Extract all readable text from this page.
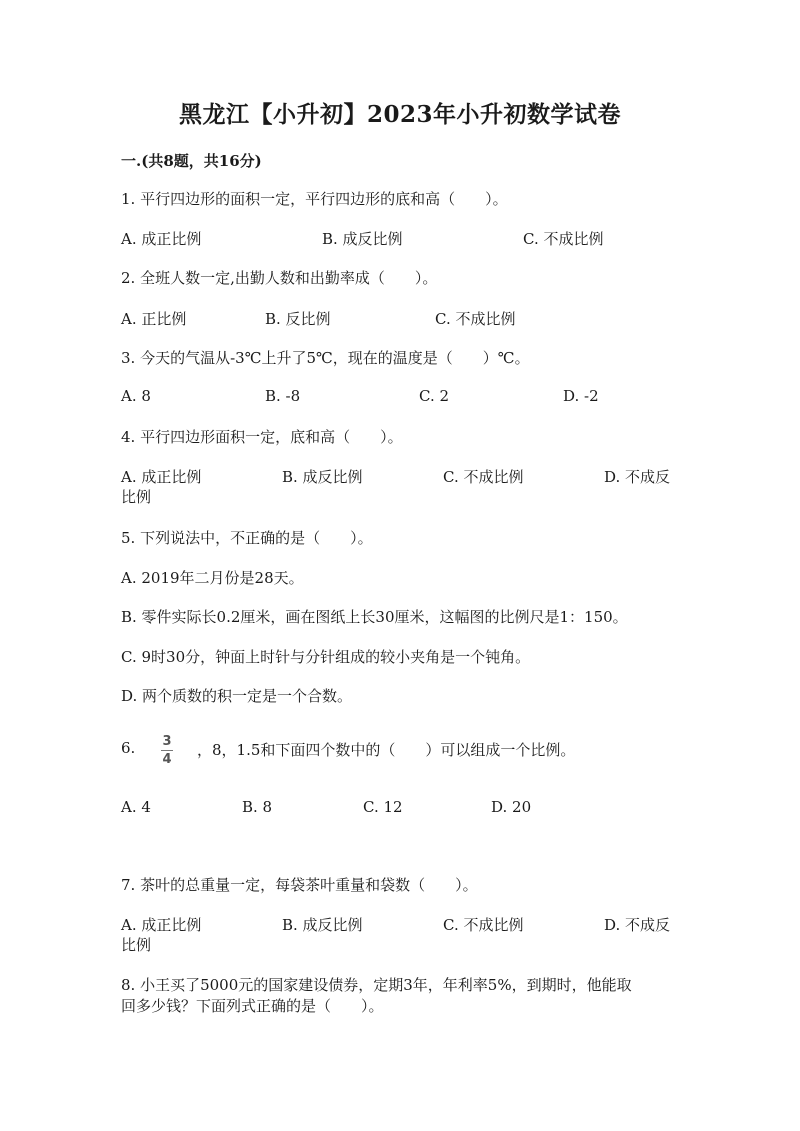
黑龙江【小升初】2023年小升初数学试卷
一.(共8题，共16分)
1. 平行四边形的面积一定，平行四边形的底和高（　　）。
A. 成正比例	B. 成反比例	C. 不成比例
2. 全班人数一定,出勤人数和出勤率成（　　）。
A. 正比例	B. 反比例	C. 不成比例
3. 今天的气温从-3℃上升了5℃，现在的温度是（　　）℃。
A. 8	B. -8	C. 2	D. -2
4. 平行四边形面积一定，底和高（　　）。
A. 成正比例	B. 成反比例	C. 不成比例	D. 不成反
比例
5. 下列说法中，不正确的是（　　）。
A. 2019年二月份是28天。
B. 零件实际长0.2厘米，画在图纸上长30厘米，这幅图的比例尺是1：150。
C. 9时30分，钟面上时针与分针组成的较小夹角是一个钝角。
D. 两个质数的积一定是一个合数。
6. 3
4
，8，1.5和下面四个数中的（　　）可以组成一个比例。
A. 4	B. 8	C. 12	D. 20
7. 茶叶的总重量一定，每袋茶叶重量和袋数（　　）。
A. 成正比例	B. 成反比例	C. 不成比例	D. 不成反
比例
8. 小王买了5000元的国家建设债券，定期3年，年利率5%，到期时，他能取
回多少钱？下面列式正确的是（　　）。
